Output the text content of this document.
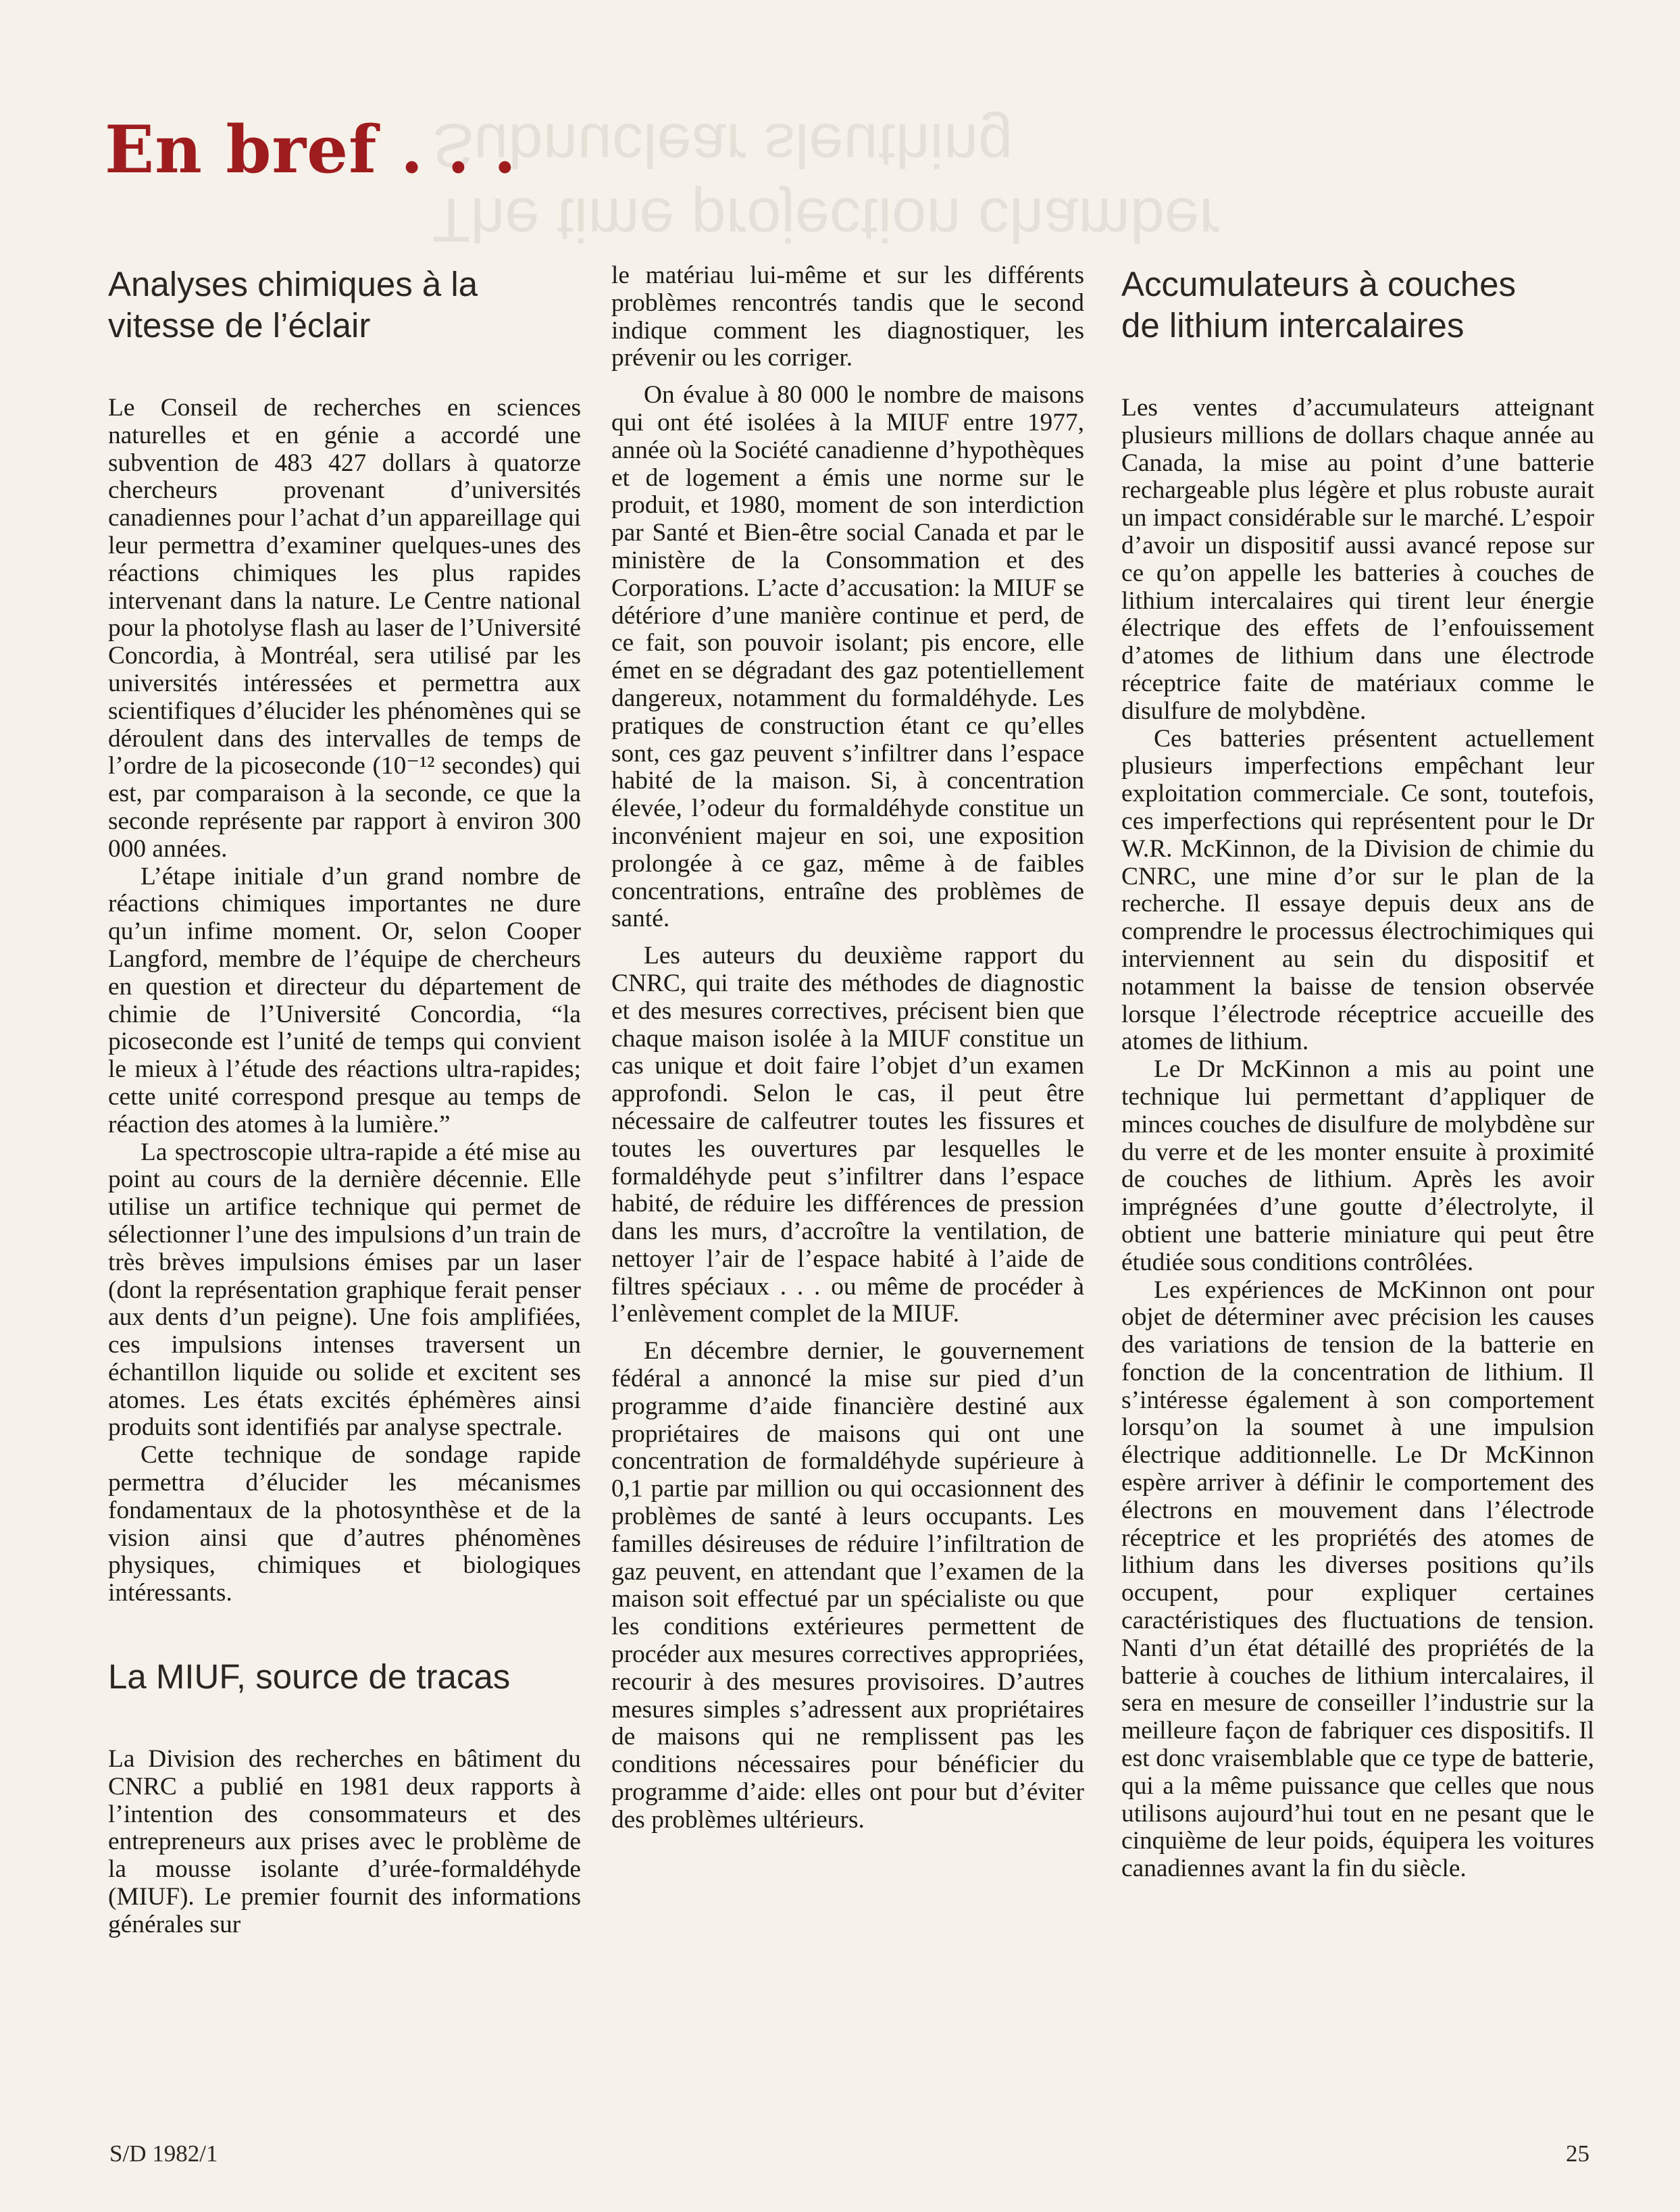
The time projection chamber
Subnuclear sleuthing
En bref . . .
Analyses chimiques à la
vitesse de l’éclair

Le Conseil de recherches en sciences naturelles et en génie a accordé une subvention de 483 427 dollars à quatorze chercheurs provenant d’universités canadiennes pour l’achat d’un appareillage qui leur permettra d’examiner quelques-unes des réactions chimiques les plus rapides intervenant dans la nature. Le Centre national pour la photolyse flash au laser de l’Université Concordia, à Montréal, sera utilisé par les universités intéressées et permettra aux scientifiques d’élucider les phénomènes qui se déroulent dans des intervalles de temps de l’ordre de la picoseconde (10⁻¹² secondes) qui est, par comparaison à la seconde, ce que la seconde représente par rapport à environ 300 000 années.

L’étape initiale d’un grand nombre de réactions chimiques importantes ne dure qu’un infime moment. Or, selon Cooper Langford, membre de l’équipe de chercheurs en question et directeur du département de chimie de l’Université Concordia, “la picoseconde est l’unité de temps qui convient le mieux à l’étude des réactions ultra-rapides; cette unité correspond presque au temps de réaction des atomes à la lumière.”

La spectroscopie ultra-rapide a été mise au point au cours de la dernière décennie. Elle utilise un artifice technique qui permet de sélectionner l’une des impulsions d’un train de très brèves impulsions émises par un laser (dont la représentation graphique ferait penser aux dents d’un peigne). Une fois amplifiées, ces impulsions intenses traversent un échantillon liquide ou solide et excitent ses atomes. Les états excités éphémères ainsi produits sont identifiés par analyse spectrale.

Cette technique de sondage rapide permettra d’élucider les mécanismes fondamentaux de la photosynthèse et de la vision ainsi que d’autres phénomènes physiques, chimiques et biologiques intéressants.

La MIUF, source de tracas

La Division des recherches en bâtiment du CNRC a publié en 1981 deux rapports à l’intention des consommateurs et des entrepreneurs aux prises avec le problème de la mousse isolante d’urée-formaldéhyde (MIUF). Le premier fournit des informations générales sur

le matériau lui-même et sur les différents problèmes rencontrés tandis que le second indique comment les diagnostiquer, les prévenir ou les corriger.

On évalue à 80 000 le nombre de maisons qui ont été isolées à la MIUF entre 1977, année où la Société canadienne d’hypothèques et de logement a émis une norme sur le produit, et 1980, moment de son interdiction par Santé et Bien-être social Canada et par le ministère de la Consommation et des Corporations. L’acte d’accusation: la MIUF se détériore d’une manière continue et perd, de ce fait, son pouvoir isolant; pis encore, elle émet en se dégradant des gaz potentiellement dangereux, notamment du formaldéhyde. Les pratiques de construction étant ce qu’elles sont, ces gaz peuvent s’infiltrer dans l’espace habité de la maison. Si, à concentration élevée, l’odeur du formaldéhyde constitue un inconvénient majeur en soi, une exposition prolongée à ce gaz, même à de faibles concentrations, entraîne des problèmes de santé.

Les auteurs du deuxième rapport du CNRC, qui traite des méthodes de diagnostic et des mesures correctives, précisent bien que chaque maison isolée à la MIUF constitue un cas unique et doit faire l’objet d’un examen approfondi. Selon le cas, il peut être nécessaire de calfeutrer toutes les fissures et toutes les ouvertures par lesquelles le formaldéhyde peut s’infiltrer dans l’espace habité, de réduire les différences de pression dans les murs, d’accroître la ventilation, de nettoyer l’air de l’espace habité à l’aide de filtres spéciaux . . . ou même de procéder à l’enlèvement complet de la MIUF.

En décembre dernier, le gouvernement fédéral a annoncé la mise sur pied d’un programme d’aide financière destiné aux propriétaires de maisons qui ont une concentration de formaldéhyde supérieure à 0,1 partie par million ou qui occasionnent des problèmes de santé à leurs occupants. Les familles désireuses de réduire l’infiltration de gaz peuvent, en attendant que l’examen de la maison soit effectué par un spécialiste ou que les conditions extérieures permettent de procéder aux mesures correctives appropriées, recourir à des mesures provisoires. D’autres mesures simples s’adressent aux propriétaires de maisons qui ne remplissent pas les conditions nécessaires pour bénéficier du programme d’aide: elles ont pour but d’éviter des problèmes ultérieurs.

Accumulateurs à couches
de lithium intercalaires

Les ventes d’accumulateurs atteignant plusieurs millions de dollars chaque année au Canada, la mise au point d’une batterie rechargeable plus légère et plus robuste aurait un impact considérable sur le marché. L’espoir d’avoir un dispositif aussi avancé repose sur ce qu’on appelle les batteries à couches de lithium intercalaires qui tirent leur énergie électrique des effets de l’enfouissement d’atomes de lithium dans une électrode réceptrice faite de matériaux comme le disulfure de molybdène.

Ces batteries présentent actuellement plusieurs imperfections empêchant leur exploitation commerciale. Ce sont, toutefois, ces imperfections qui représentent pour le Dr W.R. McKinnon, de la Division de chimie du CNRC, une mine d’or sur le plan de la recherche. Il essaye depuis deux ans de comprendre le processus électrochimiques qui interviennent au sein du dispositif et notamment la baisse de tension observée lorsque l’électrode réceptrice accueille des atomes de lithium.

Le Dr McKinnon a mis au point une technique lui permettant d’appliquer de minces couches de disulfure de molybdène sur du verre et de les monter ensuite à proximité de couches de lithium. Après les avoir imprégnées d’une goutte d’électrolyte, il obtient une batterie miniature qui peut être étudiée sous conditions contrôlées.

Les expériences de McKinnon ont pour objet de déterminer avec précision les causes des variations de tension de la batterie en fonction de la concentration de lithium. Il s’intéresse également à son comportement lorsqu’on la soumet à une impulsion électrique additionnelle. Le Dr McKinnon espère arriver à définir le comportement des électrons en mouvement dans l’électrode réceptrice et les propriétés des atomes de lithium dans les diverses positions qu’ils occupent, pour expliquer certaines caractéristiques des fluctuations de tension. Nanti d’un état détaillé des propriétés de la batterie à couches de lithium intercalaires, il sera en mesure de conseiller l’industrie sur la meilleure façon de fabriquer ces dispositifs. Il est donc vraisemblable que ce type de batterie, qui a la même puissance que celles que nous utilisons aujourd’hui tout en ne pesant que le cinquième de leur poids, équipera les voitures canadiennes avant la fin du siècle.

S/D 1982/1	25
